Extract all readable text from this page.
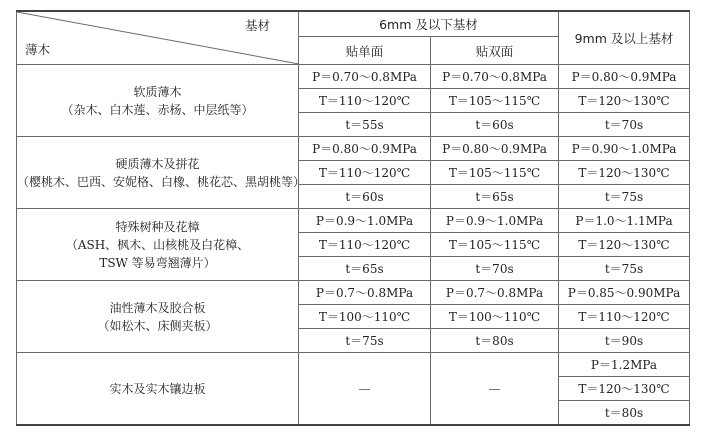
基材
薄木	6mm 及以下基材		9mm 及以上基材
	贴单面	贴双面	

软质薄木
（杂木、白木莲、赤杨、中层纸等）	P＝0.70～0.8MPa	P＝0.70～0.8MPa	P＝0.80～0.9MPa
	T＝110～120℃	T＝105～115℃	T＝120～130℃
	t＝55s	t＝60s	t＝70s

硬质薄木及拼花
（樱桃木、巴西、安妮格、白橡、桃花芯、黑胡桃等）	P＝0.80～0.9MPa	P＝0.80～0.9MPa	P＝0.90～1.0MPa
	T＝110～120℃	T＝105～115℃	T＝120～130℃
	t＝60s	t＝65s	t＝75s

特殊树种及花樟
（ASH、枫木、山核桃及白花樟、
TSW 等易弯翘薄片）	P＝0.9～1.0MPa	P＝0.9～1.0MPa	P＝1.0～1.1MPa
	T＝110～120℃	T＝105～115℃	T＝120～130℃
	t＝65s	t＝70s	t＝75s

油性薄木及胶合板
（如松木、床侧夹板）	P＝0.7～0.8MPa	P＝0.7～0.8MPa	P＝0.85～0.90MPa
	T＝100～110℃	T＝100～110℃	T＝110～120℃
	t＝75s	t＝80s	t＝90s

实木及实木镶边板	—	—	P＝1.2MPa
			T＝120～130℃
			t＝80s
